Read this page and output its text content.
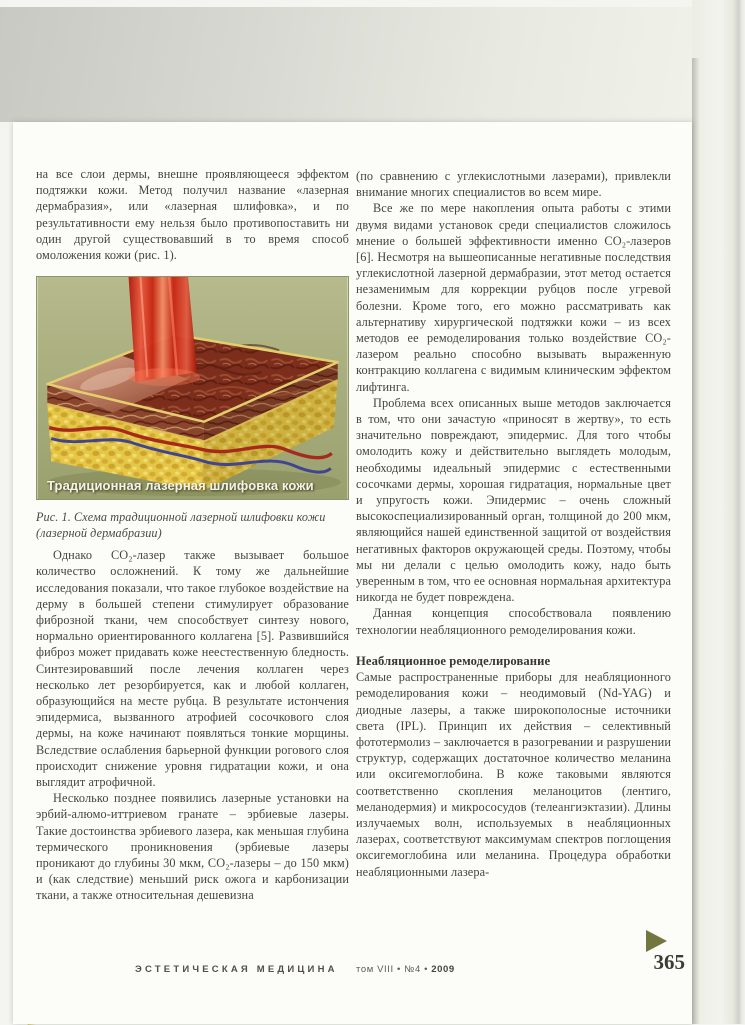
на все слои дермы, внешне проявляющееся эффектом подтяжки кожи. Метод получил название «лазерная дермабразия», или «лазерная шлифовка», и по результативности ему нельзя было противопоставить ни один другой существовавший в то время способ омоложения кожи (рис. 1).

Традиционная лазерная шлифовка кожи

Рис. 1. Схема традиционной лазерной шлифовки кожи (лазерной дермабразии)

Однако CO₂-лазер также вызывает большое количество осложнений. К тому же дальнейшие исследования показали, что такое глубокое воздействие на дерму в большей степени стимулирует образование фиброзной ткани, чем способствует синтезу нового, нормально ориентированного коллагена [5]. Развившийся фиброз может придавать коже неестественную бледность. Синтезировавший после лечения коллаген через несколько лет резорбируется, как и любой коллаген, образующийся на месте рубца. В результате истончения эпидермиса, вызванного атрофией сосочкового слоя дермы, на коже начинают появляться тонкие морщины. Вследствие ослабления барьерной функции рогового слоя происходит снижение уровня гидратации кожи, и она выглядит атрофичной.

Несколько позднее появились лазерные установки на эрбий-алюмо-иттриевом гранате – эрбиевые лазеры. Такие достоинства эрбиевого лазера, как меньшая глубина термического проникновения (эрбиевые лазеры проникают до глубины 30 мкм, CO₂-лазеры – до 150 мкм) и (как следствие) меньший риск ожога и карбонизации ткани, а также относительная дешевизна

(по сравнению с углекислотными лазерами), привлекли внимание многих специалистов во всем мире.

Все же по мере накопления опыта работы с этими двумя видами установок среди специалистов сложилось мнение о большей эффективности именно CO₂-лазеров [6]. Несмотря на вышеописанные негативные последствия углекислотной лазерной дермабразии, этот метод остается незаменимым для коррекции рубцов после угревой болезни. Кроме того, его можно рассматривать как альтернативу хирургической подтяжки кожи – из всех методов ее ремоделирования только воздействие CO₂-лазером реально способно вызывать выраженную контракцию коллагена с видимым клиническим эффектом лифтинга.

Проблема всех описанных выше методов заключается в том, что они зачастую «приносят в жертву», то есть значительно повреждают, эпидермис. Для того чтобы омолодить кожу и действительно выглядеть молодым, необходимы идеальный эпидермис с естественными сосочками дермы, хорошая гидратация, нормальные цвет и упругость кожи. Эпидермис – очень сложный высокоспециализированный орган, толщиной до 200 мкм, являющийся нашей единственной защитой от воздействия негативных факторов окружающей среды. Поэтому, чтобы мы ни делали с целью омолодить кожу, надо быть уверенным в том, что ее основная нормальная архитектура никогда не будет повреждена.

Данная концепция способствовала появлению технологии неабляционного ремоделирования кожи.

Неабляционное ремоделирование

Самые распространенные приборы для неабляционного ремоделирования кожи – неодимовый (Nd-YAG) и диодные лазеры, а также широкополосные источники света (IPL). Принцип их действия – селективный фототермолиз – заключается в разогревании и разрушении структур, содержащих достаточное количество меланина или оксигемоглобина. В коже таковыми являются соответственно скопления меланоцитов (лентиго, меланодермия) и микрососудов (телеангиэктазии). Длины излучаемых волн, используемых в неабляционных лазерах, соответствуют максимумам спектров поглощения оксигемоглобина или меланина. Процедура обработки неабляционными лазера-

ЭСТЕТИЧЕСКАЯ МЕДИЦИНА том VIII • №4 • 2009	365
